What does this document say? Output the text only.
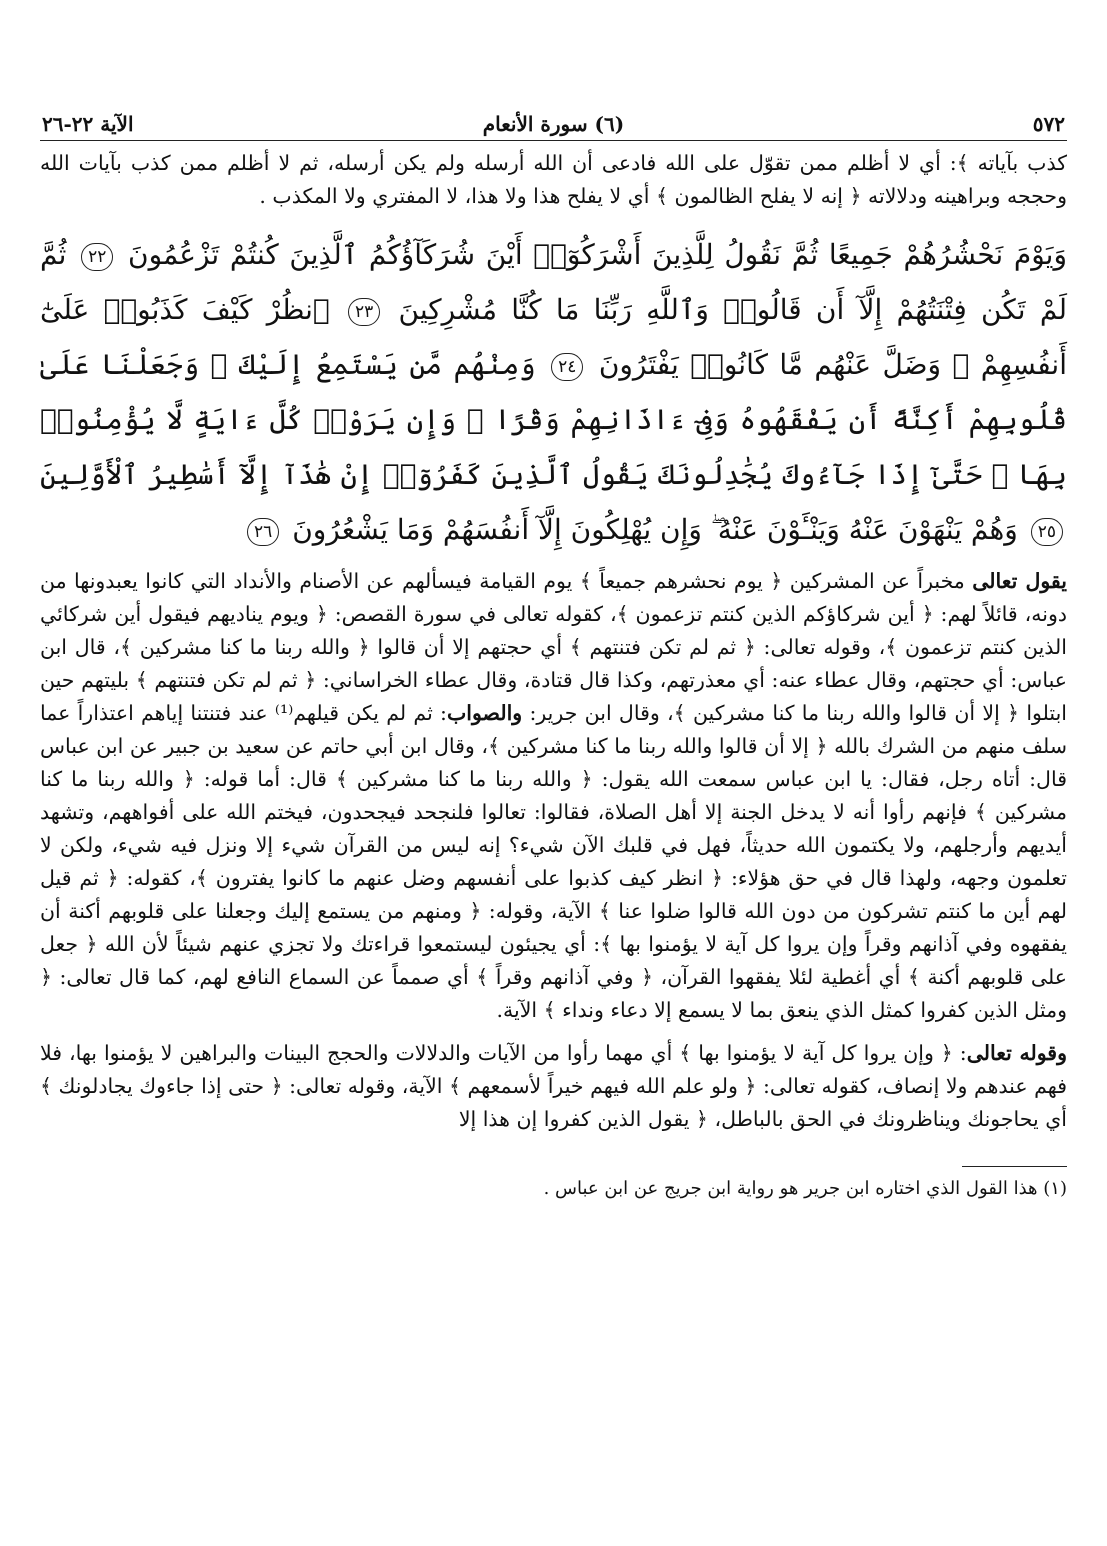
٥٧٢
(٦) سورة الأنعام
الآية ٢٢-٢٦

كذب بآياته ﴾: أي لا أظلم ممن تقوّل على الله فادعى أن الله أرسله ولم يكن أرسله، ثم لا أظلم ممن كذب بآيات الله وحججه وبراهينه ودلالاته ﴿ إنه لا يفلح الظالمون ﴾ أي لا يفلح هذا ولا هذا، لا المفتري ولا المكذب .

وَيَوْمَ نَحْشُرُهُمْ جَمِيعًا ثُمَّ نَقُولُ لِلَّذِينَ أَشْرَكُوٓا۟ أَيْنَ شُرَكَآؤُكُمُ ٱلَّذِينَ كُنتُمْ تَزْعُمُونَ ٢٢ ثُمَّ لَمْ تَكُن فِتْنَتُهُمْ إِلَّآ أَن قَالُوا۟ وَٱللَّهِ رَبِّنَا مَا كُنَّا مُشْرِكِينَ ٢٣ ٱنظُرْ كَيْفَ كَذَبُوا۟ عَلَىٰٓ أَنفُسِهِمْ ۚ وَضَلَّ عَنْهُم مَّا كَانُوا۟ يَفْتَرُونَ ٢٤ وَمِنْهُم مَّن يَسْتَمِعُ إِلَيْكَ ۖ وَجَعَلْنَا عَلَىٰ قُلُوبِهِمْ أَكِنَّةً أَن يَفْقَهُوهُ وَفِىٓ ءَاذَانِهِمْ وَقْرًا ۚ وَإِن يَرَوْا۟ كُلَّ ءَايَةٍ لَّا يُؤْمِنُوا۟ بِهَا ۚ حَتَّىٰٓ إِذَا جَآءُوكَ يُجَٰدِلُونَكَ يَقُولُ ٱلَّذِينَ كَفَرُوٓا۟ إِنْ هَٰذَآ إِلَّآ أَسَٰطِيرُ ٱلْأَوَّلِينَ ٢٥ وَهُمْ يَنْهَوْنَ عَنْهُ وَيَنْـَٔوْنَ عَنْهُ ۖ وَإِن يُهْلِكُونَ إِلَّآ أَنفُسَهُمْ وَمَا يَشْعُرُونَ ٢٦

يقول تعالى مخبراً عن المشركين ﴿ يوم نحشرهم جميعاً ﴾ يوم القيامة فيسألهم عن الأصنام والأنداد التي كانوا يعبدونها من دونه، قائلاً لهم: ﴿ أين شركاؤكم الذين كنتم تزعمون ﴾، كقوله تعالى في سورة القصص: ﴿ ويوم يناديهم فيقول أين شركائي الذين كنتم تزعمون ﴾، وقوله تعالى: ﴿ ثم لم تكن فتنتهم ﴾ أي حجتهم إلا أن قالوا ﴿ والله ربنا ما كنا مشركين ﴾، قال ابن عباس: أي حجتهم، وقال عطاء عنه: أي معذرتهم، وكذا قال قتادة، وقال عطاء الخراساني: ﴿ ثم لم تكن فتنتهم ﴾ بليتهم حين ابتلوا ﴿ إلا أن قالوا والله ربنا ما كنا مشركين ﴾، وقال ابن جرير: والصواب: ثم لم يكن قيلهم⁽¹⁾ عند فتنتنا إياهم اعتذاراً عما سلف منهم من الشرك بالله ﴿ إلا أن قالوا والله ربنا ما كنا مشركين ﴾، وقال ابن أبي حاتم عن سعيد بن جبير عن ابن عباس قال: أتاه رجل، فقال: يا ابن عباس سمعت الله يقول: ﴿ والله ربنا ما كنا مشركين ﴾ قال: أما قوله: ﴿ والله ربنا ما كنا مشركين ﴾ فإنهم رأوا أنه لا يدخل الجنة إلا أهل الصلاة، فقالوا: تعالوا فلنجحد فيجحدون، فيختم الله على أفواههم، وتشهد أيديهم وأرجلهم، ولا يكتمون الله حديثاً، فهل في قلبك الآن شيء؟ إنه ليس من القرآن شيء إلا ونزل فيه شيء، ولكن لا تعلمون وجهه، ولهذا قال في حق هؤلاء: ﴿ انظر كيف كذبوا على أنفسهم وضل عنهم ما كانوا يفترون ﴾، كقوله: ﴿ ثم قيل لهم أين ما كنتم تشركون من دون الله قالوا ضلوا عنا ﴾ الآية، وقوله: ﴿ ومنهم من يستمع إليك وجعلنا على قلوبهم أكنة أن يفقهوه وفي آذانهم وقراً وإن يروا كل آية لا يؤمنوا بها ﴾: أي يجيئون ليستمعوا قراءتك ولا تجزي عنهم شيئاً لأن الله ﴿ جعل على قلوبهم أكنة ﴾ أي أغطية لئلا يفقهوا القرآن، ﴿ وفي آذانهم وقراً ﴾ أي صمماً عن السماع النافع لهم، كما قال تعالى: ﴿ ومثل الذين كفروا كمثل الذي ينعق بما لا يسمع إلا دعاء ونداء ﴾ الآية.

وقوله تعالى: ﴿ وإن يروا كل آية لا يؤمنوا بها ﴾ أي مهما رأوا من الآيات والدلالات والحجج البينات والبراهين لا يؤمنوا بها، فلا فهم عندهم ولا إنصاف، كقوله تعالى: ﴿ ولو علم الله فيهم خيراً لأسمعهم ﴾ الآية، وقوله تعالى: ﴿ حتى إذا جاءوك يجادلونك ﴾ أي يحاجونك ويناظرونك في الحق بالباطل، ﴿ يقول الذين كفروا إن هذا إلا

(١) هذا القول الذي اختاره ابن جرير هو رواية ابن جريج عن ابن عباس .
